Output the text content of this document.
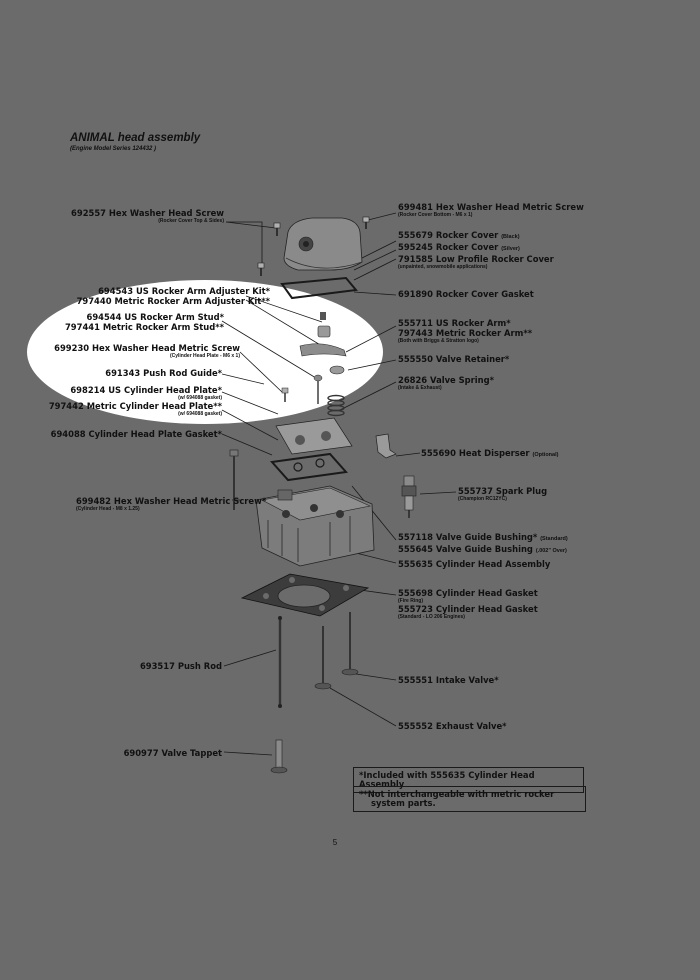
ANIMAL head assembly
(Engine Model Series 124432 )
692557 Hex Washer Head Screw
(Rocker Cover Top & Sides)
694543 US Rocker Arm Adjuster Kit*
797440 Metric Rocker Arm Adjuster Kit**
694544 US Rocker Arm Stud*
797441 Metric Rocker Arm Stud**
699230 Hex Washer Head Metric Screw
(Cylinder Head Plate - M6 x 1)
691343 Push Rod Guide*
698214 US Cylinder Head Plate*
(w/ 694088 gasket)
797442 Metric Cylinder Head Plate**
(w/ 694088 gasket)
694088 Cylinder Head Plate Gasket*
699482 Hex Washer Head Metric Screw*
(Cylinder Head - M8 x 1.25)
693517 Push Rod
690977 Valve Tappet
699481 Hex Washer Head Metric Screw
(Rocker Cover Bottom - M6 x 1)
555679 Rocker Cover (Black)
595245 Rocker Cover (Silver)
791585 Low Profile Rocker Cover
(unpainted, snowmobile applications)
691890 Rocker Cover Gasket
555711 US Rocker Arm*
797443 Metric Rocker Arm**
(Both with Briggs & Stratton logo)
555550 Valve Retainer*
26826 Valve Spring*
(Intake & Exhaust)
555690 Heat Disperser (Optional)
555737 Spark Plug
(Champion RC12YC)
557118 Valve Guide Bushing* (Standard)
555645 Valve Guide Bushing (.002" Over)
555635 Cylinder Head Assembly
555698 Cylinder Head Gasket
(Fire Ring)
555723 Cylinder Head Gasket
(Standard - LO 206 Engines)
555551 Intake Valve*
555552 Exhaust Valve*
*Included with 555635 Cylinder Head Assembly
**Not interchangeable with metric rocker
system parts.
5
